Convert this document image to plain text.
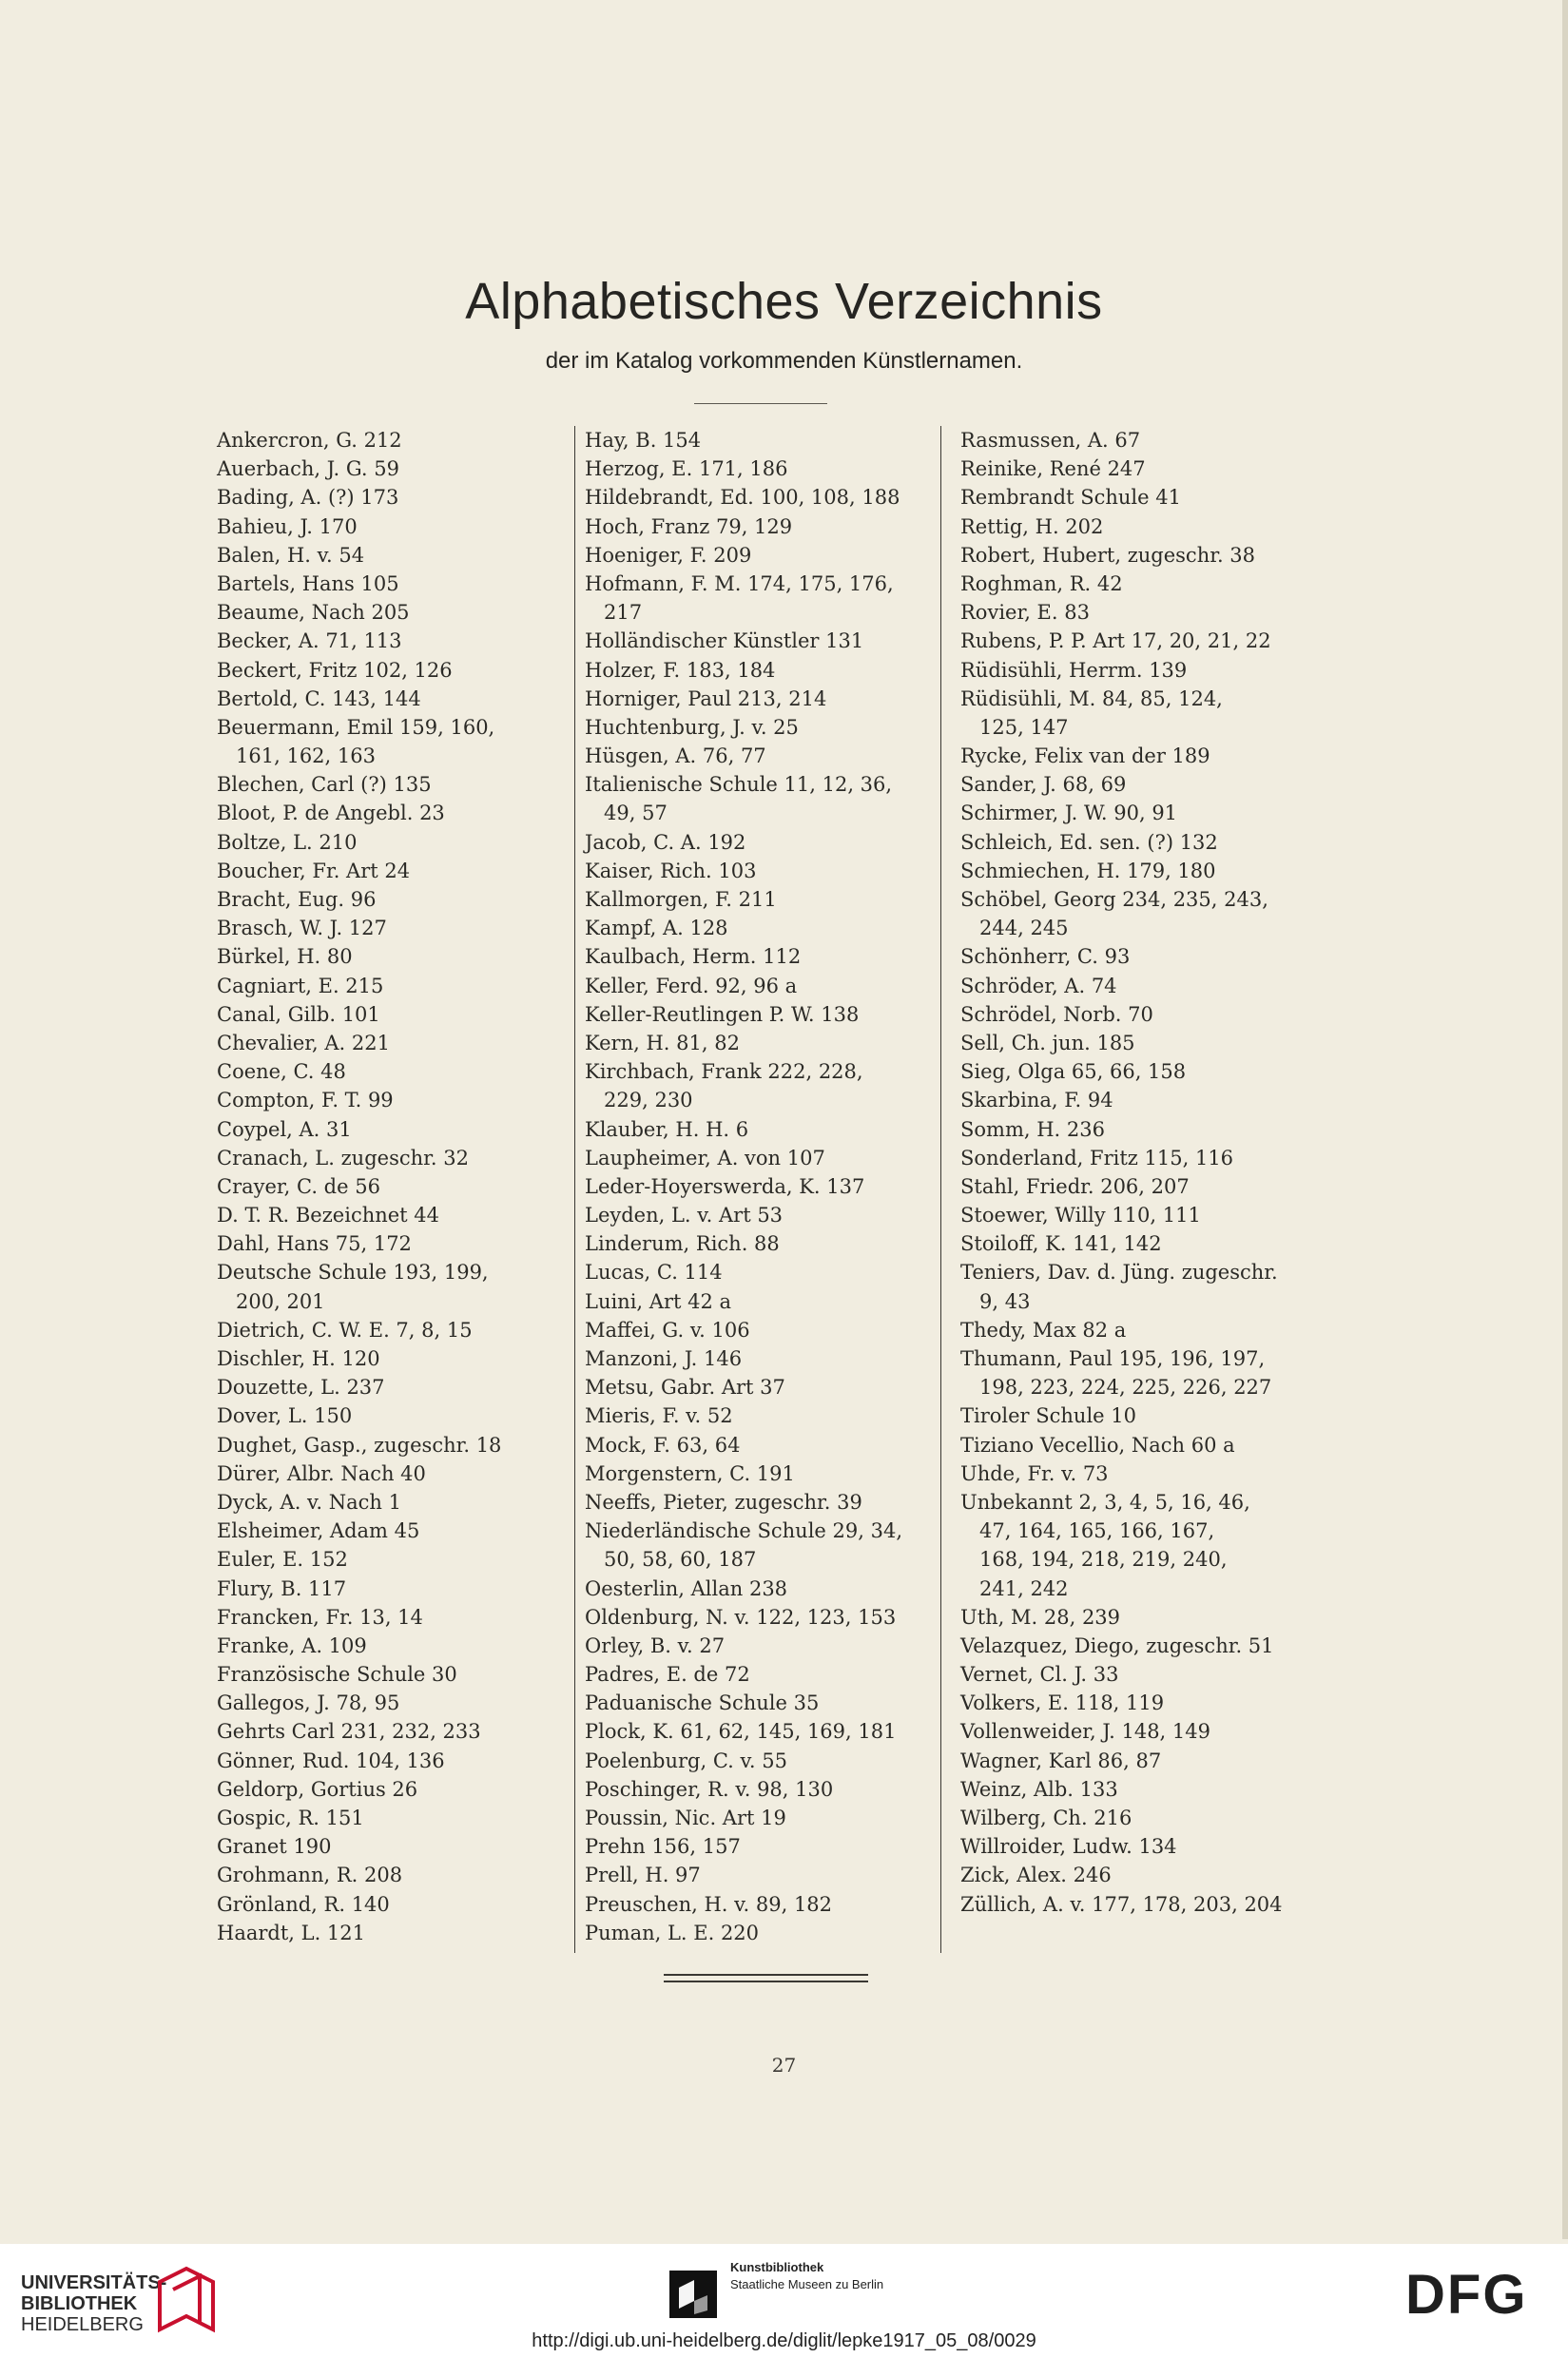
Alphabetisches Verzeichnis
der im Katalog vorkommenden Künstlernamen.
Ankercron, G. 212
Auerbach, J. G. 59
Bading, A. (?) 173
Bahieu, J. 170
Balen, H. v. 54
Bartels, Hans 105
Beaume, Nach 205
Becker, A. 71, 113
Beckert, Fritz 102, 126
Bertold, C. 143, 144
Beuermann, Emil 159, 160,
161, 162, 163
Blechen, Carl (?) 135
Bloot, P. de Angebl. 23
Boltze, L. 210
Boucher, Fr. Art 24
Bracht, Eug. 96
Brasch, W. J. 127
Bürkel, H. 80
Cagniart, E. 215
Canal, Gilb. 101
Chevalier, A. 221
Coene, C. 48
Compton, F. T. 99
Coypel, A. 31
Cranach, L. zugeschr. 32
Crayer, C. de 56
D. T. R. Bezeichnet 44
Dahl, Hans 75, 172
Deutsche Schule 193, 199,
200, 201
Dietrich, C. W. E. 7, 8, 15
Dischler, H. 120
Douzette, L. 237
Dover, L. 150
Dughet, Gasp., zugeschr. 18
Dürer, Albr. Nach 40
Dyck, A. v. Nach 1
Elsheimer, Adam 45
Euler, E. 152
Flury, B. 117
Francken, Fr. 13, 14
Franke, A. 109
Französische Schule 30
Gallegos, J. 78, 95
Gehrts Carl 231, 232, 233
Gönner, Rud. 104, 136
Geldorp, Gortius 26
Gospic, R. 151
Granet 190
Grohmann, R. 208
Grönland, R. 140
Haardt, L. 121
Hay, B. 154
Herzog, E. 171, 186
Hildebrandt, Ed. 100, 108, 188
Hoch, Franz 79, 129
Hoeniger, F. 209
Hofmann, F. M. 174, 175, 176,
217
Holländischer Künstler 131
Holzer, F. 183, 184
Horniger, Paul 213, 214
Huchtenburg, J. v. 25
Hüsgen, A. 76, 77
Italienische Schule 11, 12, 36,
49, 57
Jacob, C. A. 192
Kaiser, Rich. 103
Kallmorgen, F. 211
Kampf, A. 128
Kaulbach, Herm. 112
Keller, Ferd. 92, 96 a
Keller-Reutlingen P. W. 138
Kern, H. 81, 82
Kirchbach, Frank 222, 228,
229, 230
Klauber, H. H. 6
Laupheimer, A. von 107
Leder-Hoyerswerda, K. 137
Leyden, L. v. Art 53
Linderum, Rich. 88
Lucas, C. 114
Luini, Art 42 a
Maffei, G. v. 106
Manzoni, J. 146
Metsu, Gabr. Art 37
Mieris, F. v. 52
Mock, F. 63, 64
Morgenstern, C. 191
Neeffs, Pieter, zugeschr. 39
Niederländische Schule 29, 34,
50, 58, 60, 187
Oesterlin, Allan 238
Oldenburg, N. v. 122, 123, 153
Orley, B. v. 27
Padres, E. de 72
Paduanische Schule 35
Plock, K. 61, 62, 145, 169, 181
Poelenburg, C. v. 55
Poschinger, R. v. 98, 130
Poussin, Nic. Art 19
Prehn 156, 157
Prell, H. 97
Preuschen, H. v. 89, 182
Puman, L. E. 220
Rasmussen, A. 67
Reinike, René 247
Rembrandt Schule 41
Rettig, H. 202
Robert, Hubert, zugeschr. 38
Roghman, R. 42
Rovier, E. 83
Rubens, P. P. Art 17, 20, 21, 22
Rüdisühli, Herrm. 139
Rüdisühli, M. 84, 85, 124,
125, 147
Rycke, Felix van der 189
Sander, J. 68, 69
Schirmer, J. W. 90, 91
Schleich, Ed. sen. (?) 132
Schmiechen, H. 179, 180
Schöbel, Georg 234, 235, 243,
244, 245
Schönherr, C. 93
Schröder, A. 74
Schrödel, Norb. 70
Sell, Ch. jun. 185
Sieg, Olga 65, 66, 158
Skarbina, F. 94
Somm, H. 236
Sonderland, Fritz 115, 116
Stahl, Friedr. 206, 207
Stoewer, Willy 110, 111
Stoiloff, K. 141, 142
Teniers, Dav. d. Jüng. zugeschr.
9, 43
Thedy, Max 82 a
Thumann, Paul 195, 196, 197,
198, 223, 224, 225, 226, 227
Tiroler Schule 10
Tiziano Vecellio, Nach 60 a
Uhde, Fr. v. 73
Unbekannt 2, 3, 4, 5, 16, 46,
47, 164, 165, 166, 167,
168, 194, 218, 219, 240,
241, 242
Uth, M. 28, 239
Velazquez, Diego, zugeschr. 51
Vernet, Cl. J. 33
Volkers, E. 118, 119
Vollenweider, J. 148, 149
Wagner, Karl 86, 87
Weinz, Alb. 133
Wilberg, Ch. 216
Willroider, Ludw. 134
Zick, Alex. 246
Züllich, A. v. 177, 178, 203, 204
27
UNIVERSITÄTS-
BIBLIOTHEK
HEIDELBERG
Kunstbibliothek
Staatliche Museen zu Berlin	DFG
http://digi.ub.uni-heidelberg.de/diglit/lepke1917_05_08/0029
